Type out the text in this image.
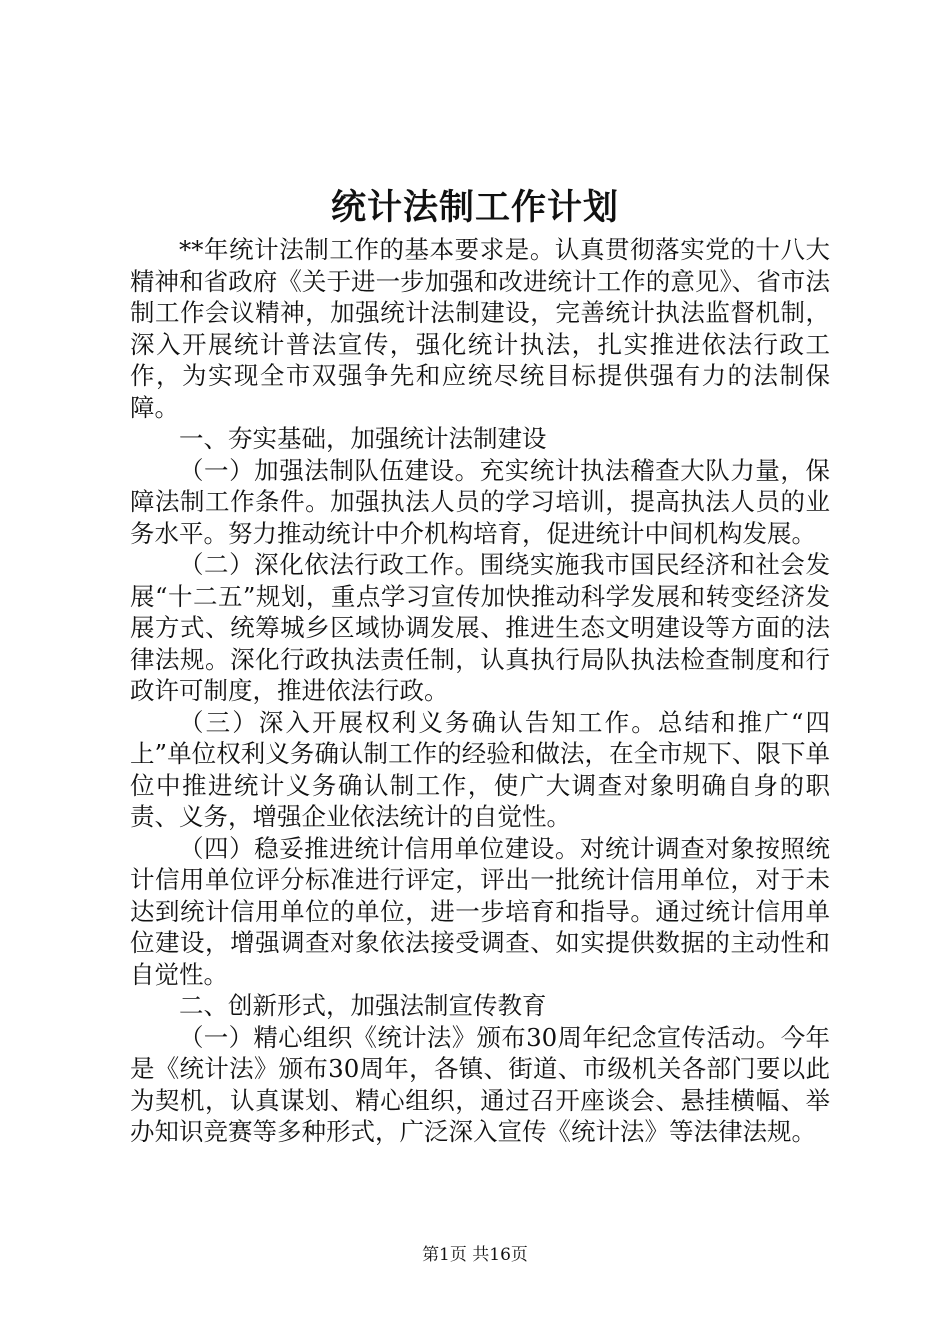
统计法制工作计划

**年统计法制工作的基本要求是。认真贯彻落实党的十八大精神和省政府《关于进一步加强和改进统计工作的意见》、省市法制工作会议精神，加强统计法制建设，完善统计执法监督机制，深入开展统计普法宣传，强化统计执法，扎实推进依法行政工作，为实现全市双强争先和应统尽统目标提供强有力的法制保障。

一、夯实基础，加强统计法制建设

（一）加强法制队伍建设。充实统计执法稽查大队力量，保障法制工作条件。加强执法人员的学习培训，提高执法人员的业务水平。努力推动统计中介机构培育，促进统计中间机构发展。

（二）深化依法行政工作。围绕实施我市国民经济和社会发展“十二五”规划，重点学习宣传加快推动科学发展和转变经济发展方式、统筹城乡区域协调发展、推进生态文明建设等方面的法律法规。深化行政执法责任制，认真执行局队执法检查制度和行政许可制度，推进依法行政。

（三）深入开展权利义务确认告知工作。总结和推广“四上”单位权利义务确认制工作的经验和做法，在全市规下、限下单位中推进统计义务确认制工作，使广大调查对象明确自身的职责、义务，增强企业依法统计的自觉性。

（四）稳妥推进统计信用单位建设。对统计调查对象按照统计信用单位评分标准进行评定，评出一批统计信用单位，对于未达到统计信用单位的单位，进一步培育和指导。通过统计信用单位建设，增强调查对象依法接受调查、如实提供数据的主动性和自觉性。

二、创新形式，加强法制宣传教育

（一）精心组织《统计法》颁布30周年纪念宣传活动。今年是《统计法》颁布30周年，各镇、街道、市级机关各部门要以此为契机，认真谋划、精心组织，通过召开座谈会、悬挂横幅、举办知识竞赛等多种形式，广泛深入宣传《统计法》等法律法规。

第1页 共16页
